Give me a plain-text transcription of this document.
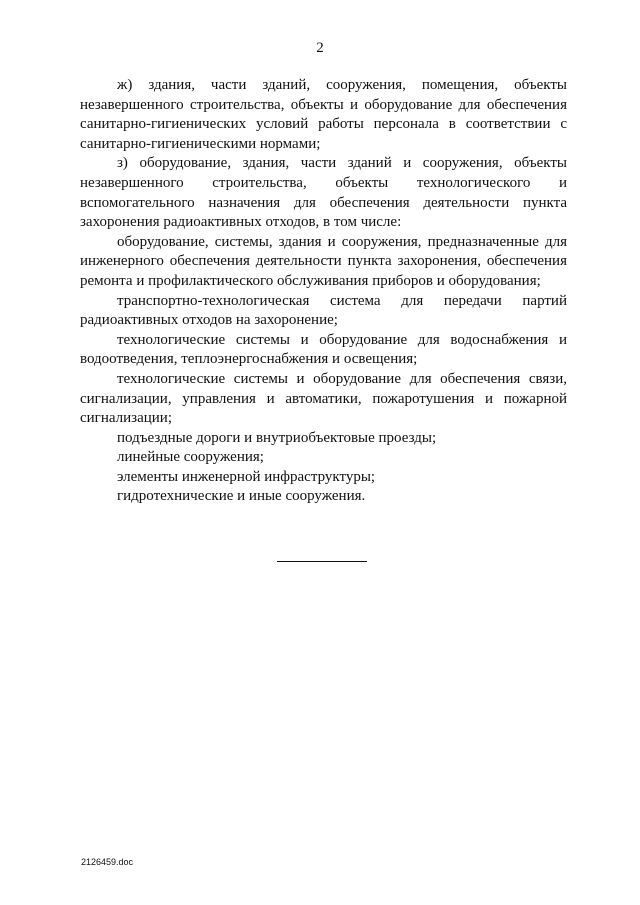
2

ж) здания, части зданий, сооружения, помещения, объекты незавершенного строительства, объекты и оборудование для обеспечения санитарно-гигиенических условий работы персонала в соответствии с санитарно-гигиеническими нормами;

з) оборудование, здания, части зданий и сооружения, объекты незавершенного строительства, объекты технологического и вспомогательного назначения для обеспечения деятельности пункта захоронения радиоактивных отходов, в том числе:

оборудование, системы, здания и сооружения, предназначенные для инженерного обеспечения деятельности пункта захоронения, обеспечения ремонта и профилактического обслуживания приборов и оборудования;

транспортно-технологическая система для передачи партий радиоактивных отходов на захоронение;

технологические системы и оборудование для водоснабжения и водоотведения, теплоэнергоснабжения и освещения;

технологические системы и оборудование для обеспечения связи, сигнализации, управления и автоматики, пожаротушения и пожарной сигнализации;

подъездные дороги и внутриобъектовые проезды;

линейные сооружения;

элементы инженерной инфраструктуры;

гидротехнические и иные сооружения.

2126459.doc
